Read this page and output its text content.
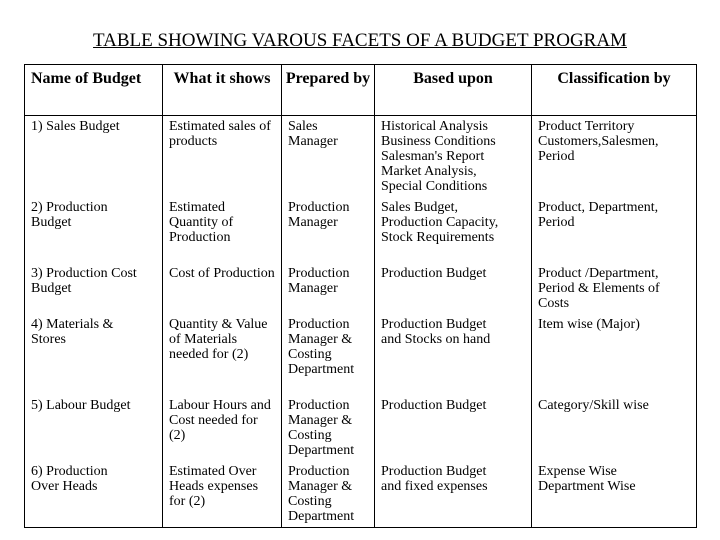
TABLE SHOWING VAROUS FACETS OF A BUDGET PROGRAM
Name of Budget	What it shows	Prepared by	Based upon	Classification by
1) Sales Budget	Estimated sales of products	Sales Manager	Historical Analysis
Business Conditions
Salesman's Report
Market Analysis,
Special Conditions	Product Territory
Customers,Salesmen,
Period
2) Production
Budget	Estimated Quantity of Production	Production Manager	Sales Budget,
Production Capacity,
Stock Requirements	Product, Department,
Period
3) Production Cost
Budget	Cost of Production	Production Manager	Production Budget	Product /Department,
Period & Elements of
Costs
4) Materials &
Stores	Quantity & Value of Materials needed for (2)	Production Manager & Costing Department	Production Budget
and Stocks on hand	Item wise (Major)
5) Labour Budget	Labour Hours and Cost needed for (2)	Production Manager & Costing Department	Production Budget	Category/Skill wise
6) Production
Over Heads	Estimated Over Heads expenses for (2)	Production Manager & Costing Department	Production Budget
and fixed expenses	Expense Wise
Department Wise
